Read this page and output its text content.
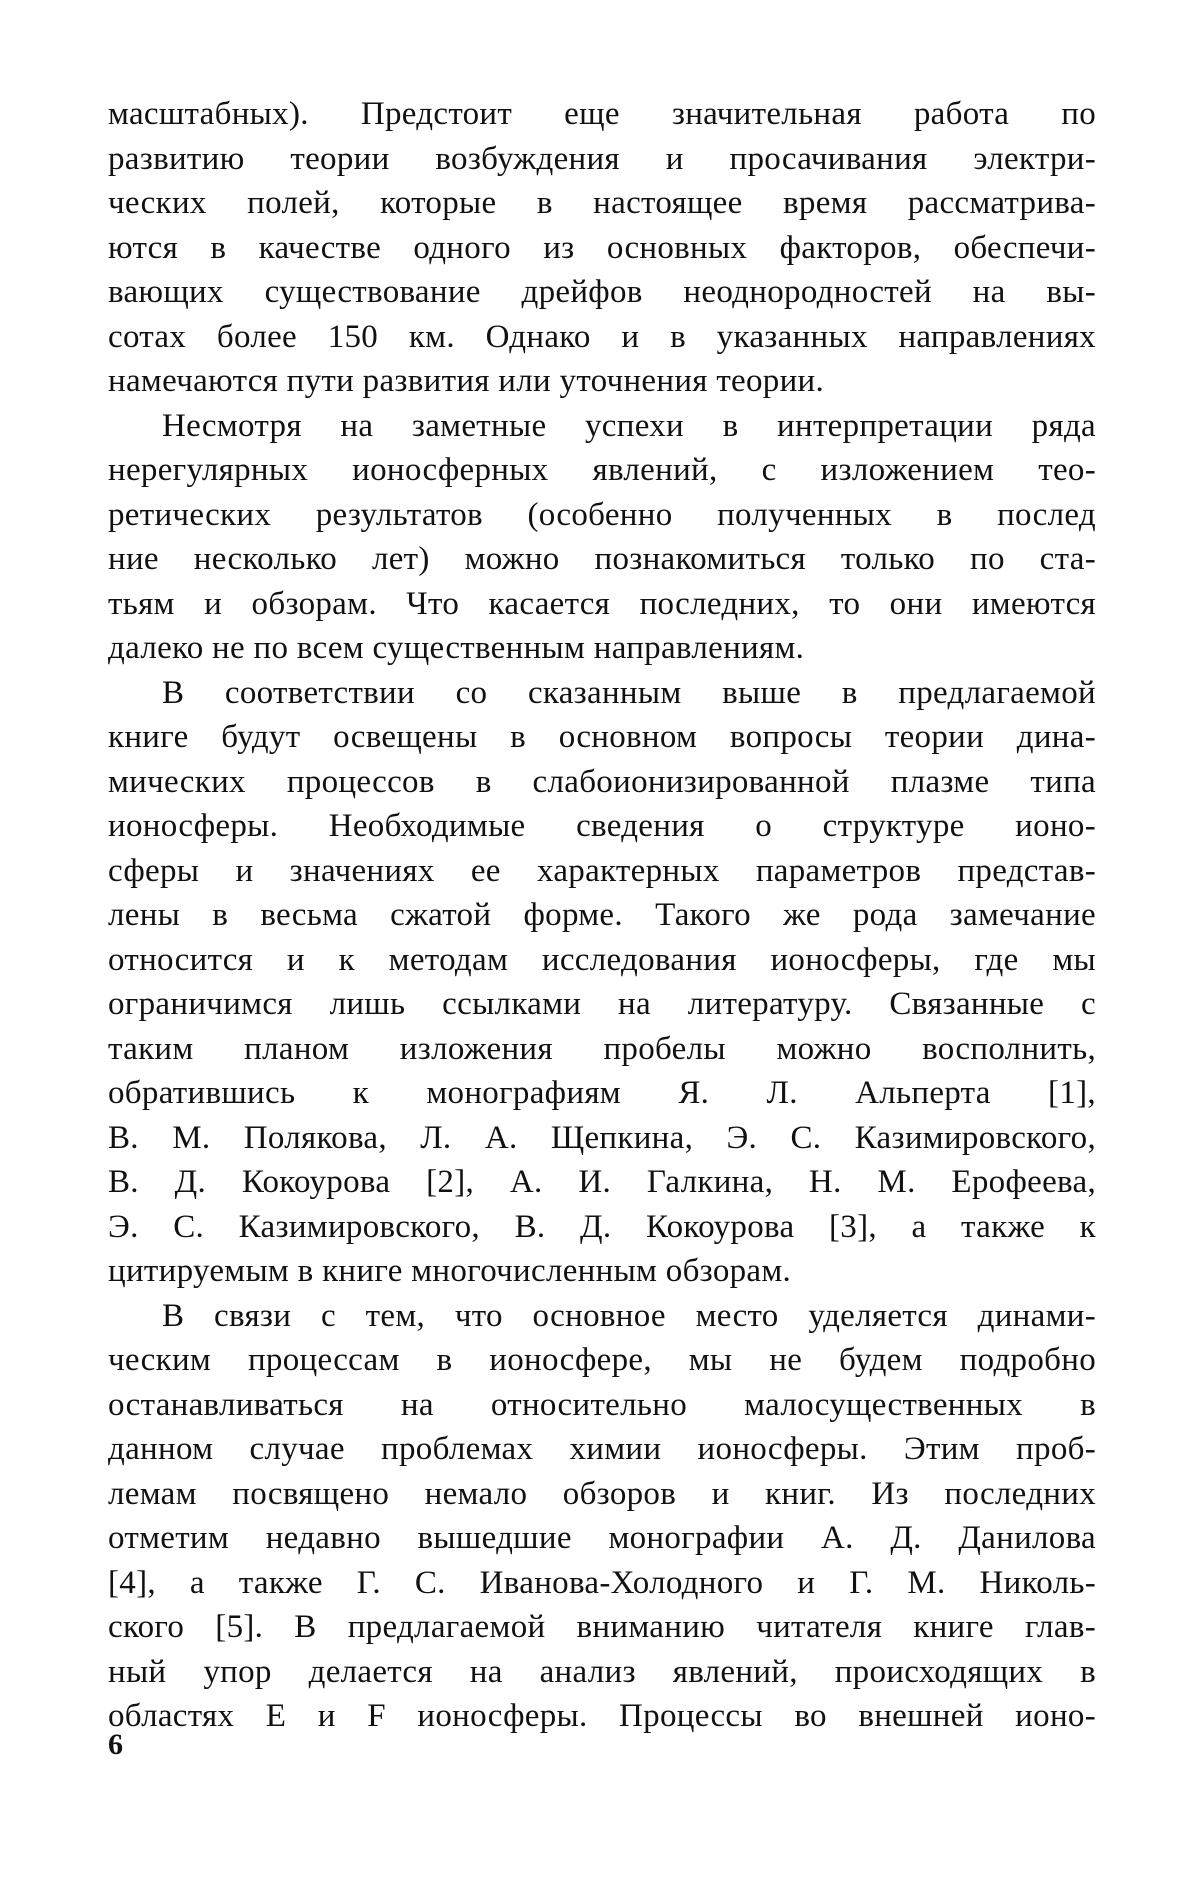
масштабных). Предстоит еще значительная работа по
развитию теории возбуждения и просачивания электри-
ческих полей, которые в настоящее время рассматрива-
ются в качестве одного из основных факторов, обеспечи-
вающих существование дрейфов неоднородностей на вы-
сотах более 150 км. Однако и в указанных направлениях
намечаются пути развития или уточнения теории.

Несмотря на заметные успехи в интерпретации ряда
нерегулярных ионосферных явлений, с изложением тео-
ретических результатов (особенно полученных в послед
ние несколько лет) можно познакомиться только по ста-
тьям и обзорам. Что касается последних, то они имеются
далеко не по всем существенным направлениям.

В соответствии со сказанным выше в предлагаемой
книге будут освещены в основном вопросы теории дина-
мических процессов в слабоионизированной плазме типа
ионосферы. Необходимые сведения о структуре ионо-
сферы и значениях ее характерных параметров представ-
лены в весьма сжатой форме. Такого же рода замечание
относится и к методам исследования ионосферы, где мы
ограничимся лишь ссылками на литературу. Связанные с
таким планом изложения пробелы можно восполнить,
обратившись к монографиям Я. Л. Альперта [1],
В. М. Полякова, Л. А. Щепкина, Э. С. Казимировского,
В. Д. Кокоурова [2], А. И. Галкина, Н. М. Ерофеева,
Э. С. Казимировского, В. Д. Кокоурова [3], а также к
цитируемым в книге многочисленным обзорам.

В связи с тем, что основное место уделяется динами-
ческим процессам в ионосфере, мы не будем подробно
останавливаться на относительно малосущественных в
данном случае проблемах химии ионосферы. Этим проб-
лемам посвящено немало обзоров и книг. Из последних
отметим недавно вышедшие монографии А. Д. Данилова
[4], а также Г. С. Иванова-Холодного и Г. М. Николь-
ского [5]. В предлагаемой вниманию читателя книге глав-
ный упор делается на анализ явлений, происходящих в
областях E и F ионосферы. Процессы во внешней ионо-

6
